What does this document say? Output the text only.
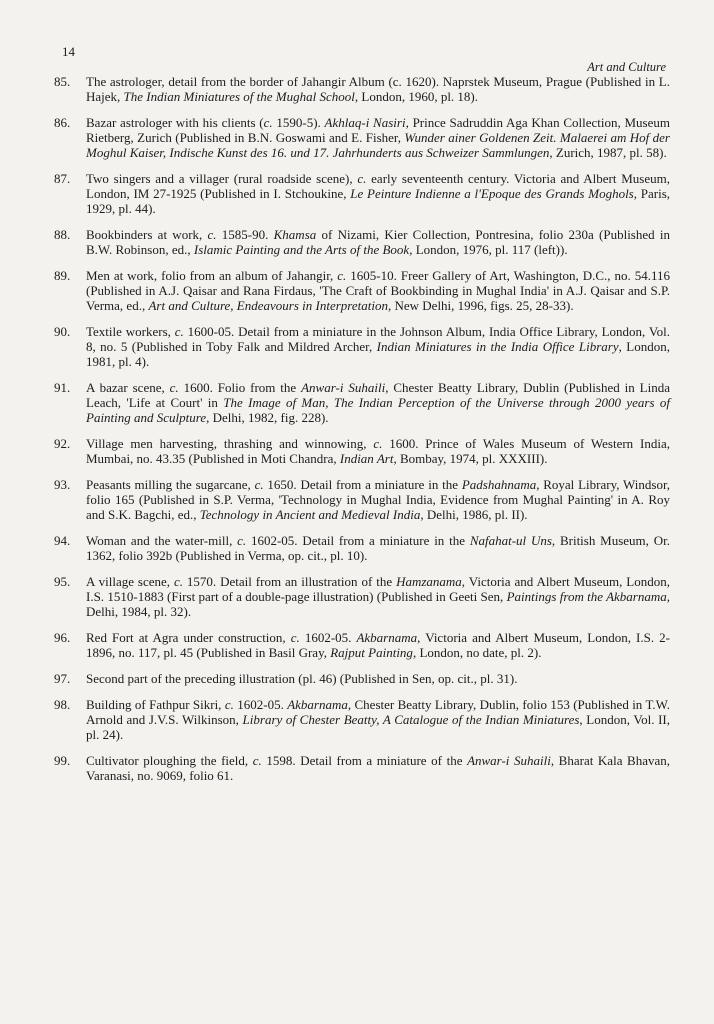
14
Art and Culture
85.	The astrologer, detail from the border of Jahangir Album (c. 1620). Naprstek Museum, Prague (Published in L. Hajek, The Indian Miniatures of the Mughal School, London, 1960, pl. 18).
86.	Bazar astrologer with his clients (c. 1590-5). Akhlaq-i Nasiri, Prince Sadruddin Aga Khan Collection, Museum Rietberg, Zurich (Published in B.N. Goswami and E. Fisher, Wunder ainer Goldenen Zeit. Malaerei am Hof der Moghul Kaiser, Indische Kunst des 16. und 17. Jahrhunderts aus Schweizer Sammlungen, Zurich, 1987, pl. 58).
87.	Two singers and a villager (rural roadside scene), c. early seventeenth century. Victoria and Albert Museum, London, IM 27-1925 (Published in I. Stchoukine, Le Peinture Indienne a l'Epoque des Grands Moghols, Paris, 1929, pl. 44).
88.	Bookbinders at work, c. 1585-90. Khamsa of Nizami, Kier Collection, Pontresina, folio 230a (Published in B.W. Robinson, ed., Islamic Painting and the Arts of the Book, London, 1976, pl. 117 (left)).
89.	Men at work, folio from an album of Jahangir, c. 1605-10. Freer Gallery of Art, Washington, D.C., no. 54.116 (Published in A.J. Qaisar and Rana Firdaus, 'The Craft of Bookbinding in Mughal India' in A.J. Qaisar and S.P. Verma, ed., Art and Culture, Endeavours in Interpretation, New Delhi, 1996, figs. 25, 28-33).
90.	Textile workers, c. 1600-05. Detail from a miniature in the Johnson Album, India Office Library, London, Vol. 8, no. 5 (Published in Toby Falk and Mildred Archer, Indian Miniatures in the India Office Library, London, 1981, pl. 4).
91.	A bazar scene, c. 1600. Folio from the Anwar-i Suhaili, Chester Beatty Library, Dublin (Published in Linda Leach, 'Life at Court' in The Image of Man, The Indian Perception of the Universe through 2000 years of Painting and Sculpture, Delhi, 1982, fig. 228).
92.	Village men harvesting, thrashing and winnowing, c. 1600. Prince of Wales Museum of Western India, Mumbai, no. 43.35 (Published in Moti Chandra, Indian Art, Bombay, 1974, pl. XXXIII).
93.	Peasants milling the sugarcane, c. 1650. Detail from a miniature in the Padshahnama, Royal Library, Windsor, folio 165 (Published in S.P. Verma, 'Technology in Mughal India, Evidence from Mughal Painting' in A. Roy and S.K. Bagchi, ed., Technology in Ancient and Medieval India, Delhi, 1986, pl. II).
94.	Woman and the water-mill, c. 1602-05. Detail from a miniature in the Nafahat-ul Uns, British Museum, Or. 1362, folio 392b (Published in Verma, op. cit., pl. 10).
95.	A village scene, c. 1570. Detail from an illustration of the Hamzanama, Victoria and Albert Museum, London, I.S. 1510-1883 (First part of a double-page illustration) (Published in Geeti Sen, Paintings from the Akbarnama, Delhi, 1984, pl. 32).
96.	Red Fort at Agra under construction, c. 1602-05. Akbarnama, Victoria and Albert Museum, London, I.S. 2-1896, no. 117, pl. 45 (Published in Basil Gray, Rajput Painting, London, no date, pl. 2).
97.	Second part of the preceding illustration (pl. 46) (Published in Sen, op. cit., pl. 31).
98.	Building of Fathpur Sikri, c. 1602-05. Akbarnama, Chester Beatty Library, Dublin, folio 153 (Published in T.W. Arnold and J.V.S. Wilkinson, Library of Chester Beatty, A Catalogue of the Indian Miniatures, London, Vol. II, pl. 24).
99.	Cultivator ploughing the field, c. 1598. Detail from a miniature of the Anwar-i Suhaili, Bharat Kala Bhavan, Varanasi, no. 9069, folio 61.
